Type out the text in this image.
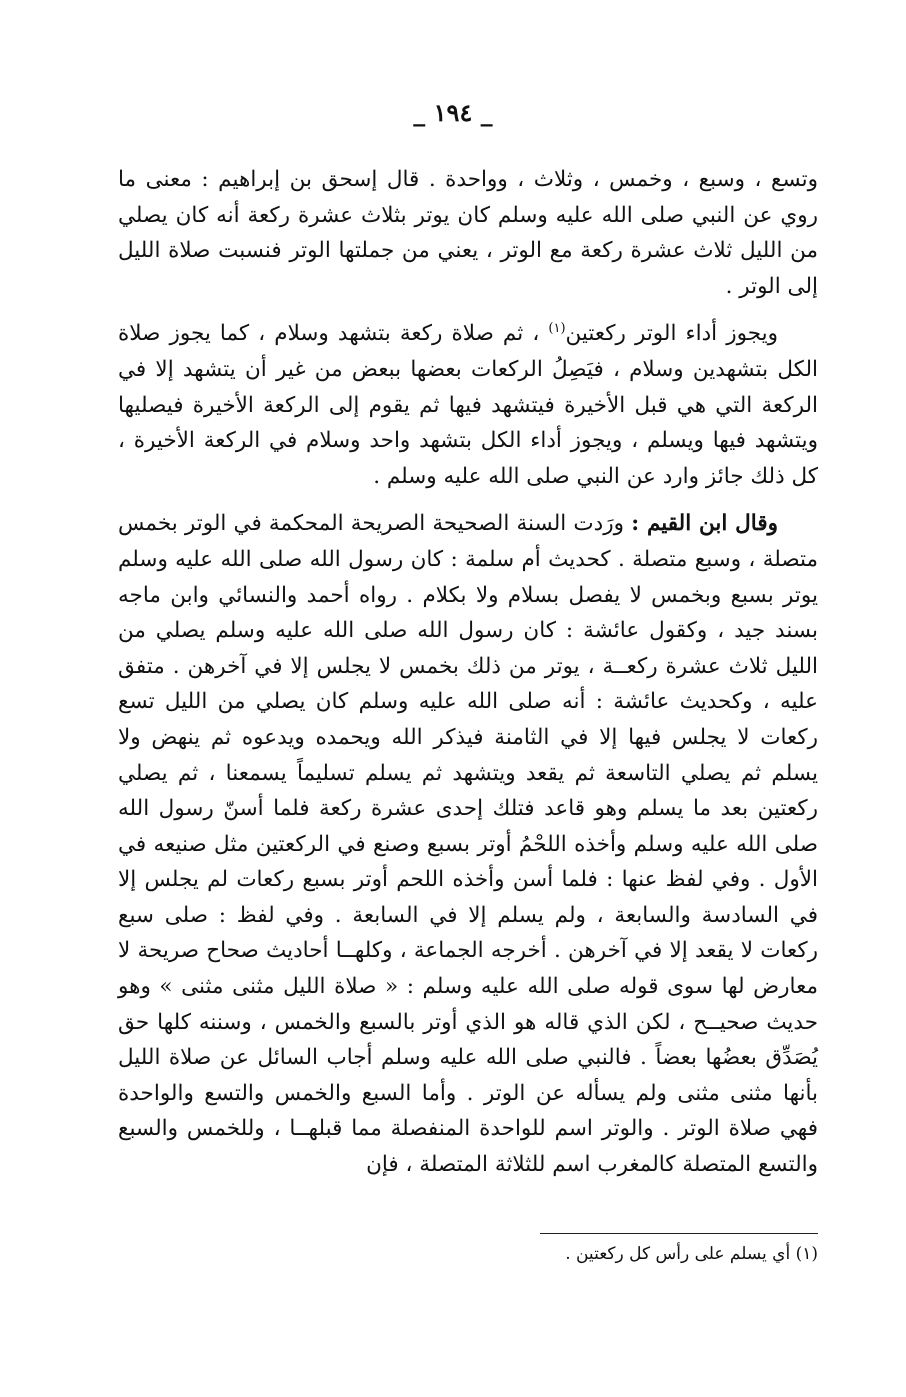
_ ١٩٤ _

وتسع ، وسبع ، وخمس ، وثلاث ، وواحدة . قال إسحق بن إبراهيم : معنى ما روي عن النبي صلى الله عليه وسلم كان يوتر بثلاث عشرة ركعة أنه كان يصلي من الليل ثلاث عشرة ركعة مع الوتر ، يعني من جملتها الوتر فنسبت صلاة الليل إلى الوتر .

ويجوز أداء الوتر ركعتين$^{(١)}$ ، ثم صلاة ركعة بتشهد وسلام ، كما يجوز صلاة الكل بتشهدين وسلام ، فيَصِلُ الركعات بعضها ببعض من غير أن يتشهد إلا في الركعة التي هي قبل الأخيرة فيتشهد فيها ثم يقوم إلى الركعة الأخيرة فيصليها ويتشهد فيها ويسلم ، ويجوز أداء الكل بتشهد واحد وسلام في الركعة الأخيرة ، كل ذلك جائز وارد عن النبي صلى الله عليه وسلم .

وقال ابن القيم : ورَدت السنة الصحيحة الصريحة المحكمة في الوتر بخمس متصلة ، وسبع متصلة . كحديث أم سلمة : كان رسول الله صلى الله عليه وسلم يوتر بسبع وبخمس لا يفصل بسلام ولا بكلام . رواه أحمد والنسائي وابن ماجه بسند جيد ، وكقول عائشة : كان رسول الله صلى الله عليه وسلم يصلي من الليل ثلاث عشرة ركعــة ، يوتر من ذلك بخمس لا يجلس إلا في آخرهن . متفق عليه ، وكحديث عائشة : أنه صلى الله عليه وسلم كان يصلي من الليل تسع ركعات لا يجلس فيها إلا في الثامنة فيذكر الله ويحمده ويدعوه ثم ينهض ولا يسلم ثم يصلي التاسعة ثم يقعد ويتشهد ثم يسلم تسليماً يسمعنا ، ثم يصلي ركعتين بعد ما يسلم وهو قاعد فتلك إحدى عشرة ركعة فلما أسنّ رسول الله صلى الله عليه وسلم وأخذه اللحْمُ أوتر بسبع وصنع في الركعتين مثل صنيعه في الأول . وفي لفظ عنها : فلما أسن وأخذه اللحم أوتر بسبع ركعات لم يجلس إلا في السادسة والسابعة ، ولم يسلم إلا في السابعة . وفي لفظ : صلى سبع ركعات لا يقعد إلا في آخرهن . أخرجه الجماعة ، وكلهــا أحاديث صحاح صريحة لا معارض لها سوى قوله صلى الله عليه وسلم : « صلاة الليل مثنى مثنى » وهو حديث صحيــح ، لكن الذي قاله هو الذي أوتر بالسبع والخمس ، وسننه كلها حق يُصَدِّق بعضُها بعضاً . فالنبي صلى الله عليه وسلم أجاب السائل عن صلاة الليل بأنها مثنى مثنى ولم يسأله عن الوتر . وأما السبع والخمس والتسع والواحدة فهي صلاة الوتر . والوتر اسم للواحدة المنفصلة مما قبلهــا ، وللخمس والسبع والتسع المتصلة كالمغرب اسم للثلاثة المتصلة ، فإن

(١) أي يسلم على رأس كل ركعتين .
